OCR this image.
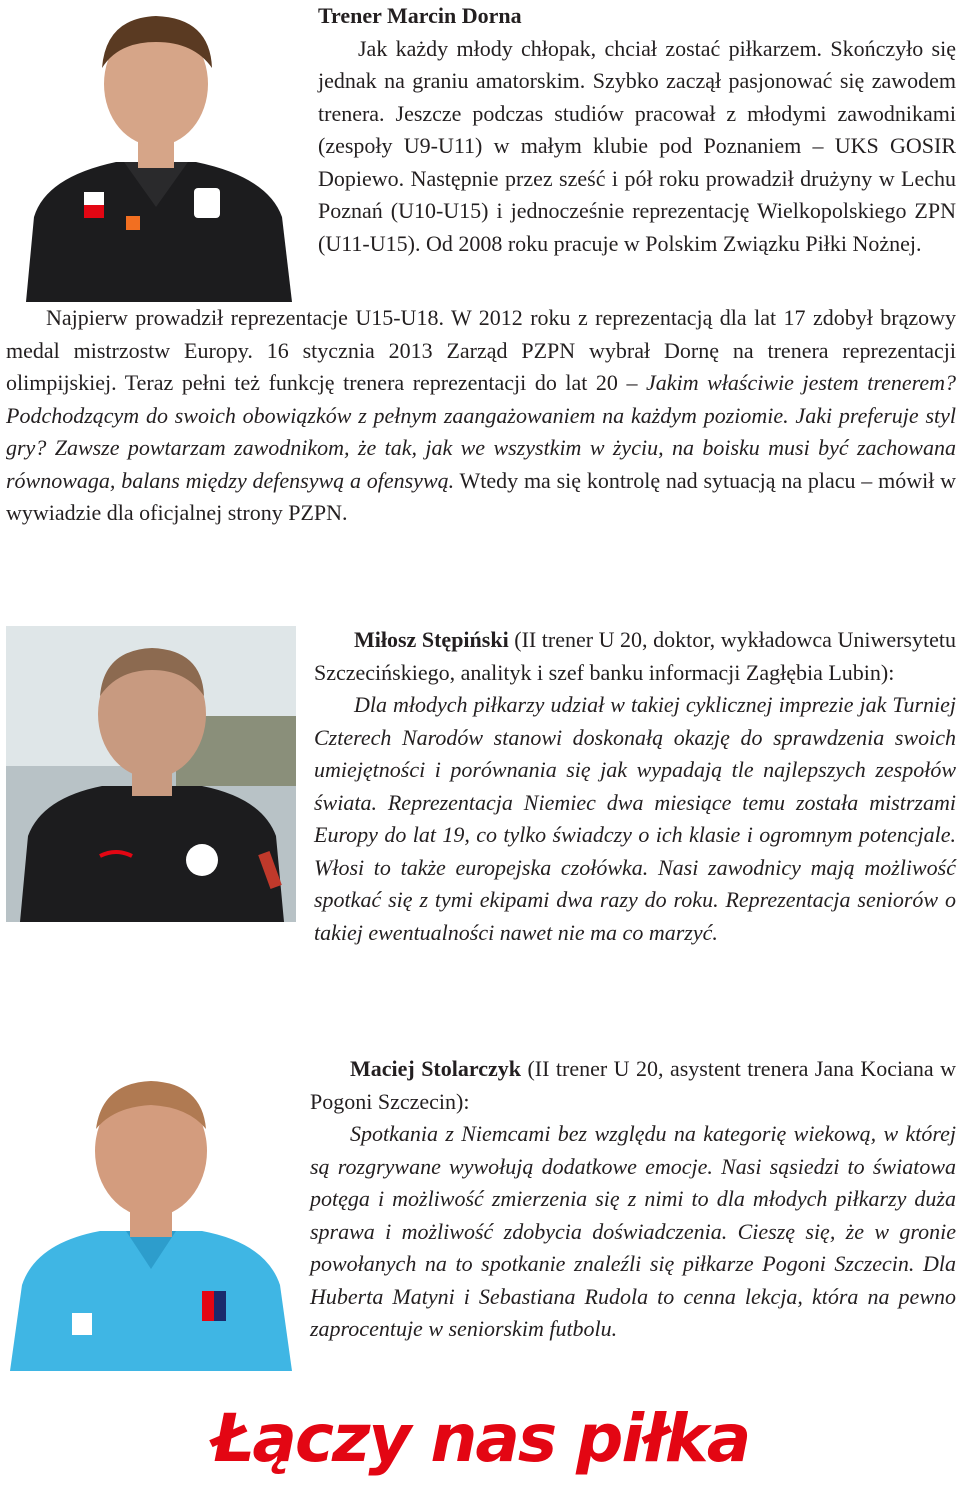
Trener Marcin Dorna
Jak każdy młody chłopak, chciał zostać piłkarzem. Skończyło się jednak na graniu amatorskim. Szybko zaczął pasjonować się zawodem trenera. Jeszcze podczas studiów pracował z młodymi zawodnikami (zespoły U9-U11) w małym klubie pod Poznaniem – UKS GOSIR Dopiewo. Następnie przez sześć i pół roku prowadził drużyny w Lechu Poznań (U10-U15) i jednocześnie reprezentację Wielkopolskiego ZPN (U11-U15). Od 2008 roku pracuje w Polskim Związku Piłki Nożnej.

Najpierw prowadził reprezentacje U15-U18. W 2012 roku z reprezentacją dla lat 17 zdobył brązowy medal mistrzostw Europy. 16 stycznia 2013 Zarząd PZPN wybrał Dornę na trenera reprezentacji olimpijskiej. Teraz pełni też funkcję trenera reprezentacji do lat 20 – Jakim właściwie jestem trenerem? Podchodzącym do swoich obowiązków z pełnym zaangażowaniem na każdym poziomie. Jaki preferuje styl gry? Zawsze powtarzam zawodnikom, że tak, jak we wszystkim w życiu, na boisku musi być zachowana równowaga, balans między defensywą a ofensywą. Wtedy ma się kontrolę nad sytuacją na placu – mówił w wywiadzie dla oficjalnej strony PZPN.

Miłosz Stępiński (II trener U 20, doktor, wykładowca Uniwersytetu Szczecińskiego, analityk i szef banku informacji Zagłębia Lubin):
Dla młodych piłkarzy udział w takiej cyklicznej imprezie jak Turniej Czterech Narodów stanowi doskonałą okazję do sprawdzenia swoich umiejętności i porównania się jak wypadają tle najlepszych zespołów świata. Reprezentacja Niemiec dwa miesiące temu została mistrzami Europy do lat 19, co tylko świadczy o ich klasie i ogromnym potencjale. Włosi to także europejska czołówka. Nasi zawodnicy mają możliwość spotkać się z tymi ekipami dwa razy do roku. Reprezentacja seniorów o takiej ewentualności nawet nie ma co marzyć.

Maciej Stolarczyk (II trener U 20, asystent trenera Jana Kociana w Pogoni Szczecin):
Spotkania z Niemcami bez względu na kategorię wiekową, w której są rozgrywane wywołują dodatkowe emocje. Nasi sąsiedzi to światowa potęga i możliwość zmierzenia się z nimi to dla młodych piłkarzy duża sprawa i możliwość zdobycia doświadczenia. Cieszę się, że w gronie powołanych na to spotkanie znaleźli się piłkarze Pogoni Szczecin. Dla Huberta Matyni i Sebastiana Rudola to cenna lekcja, która na pewno zaprocentuje w seniorskim futbolu.

Łączy nas piłka
